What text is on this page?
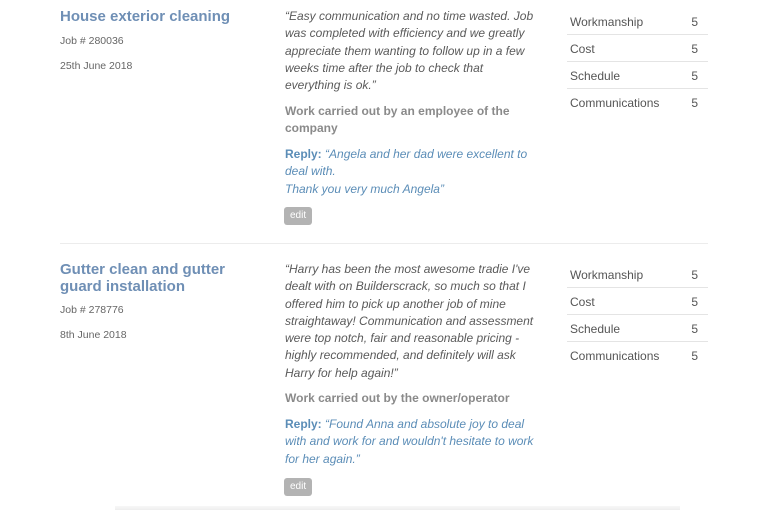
House exterior cleaning
Job # 280036
25th June 2018

“Easy communication and no time wasted. Job was completed with efficiency and we greatly appreciate them wanting to follow up in a few weeks time after the job to check that everything is ok.”

Work carried out by an employee of the company

Reply: “Angela and her dad were excellent to deal with.
Thank you very much Angela”

edit
Workmanship	5
Cost	5
Schedule	5
Communications	5
Gutter clean and gutter guard installation
Job # 278776
8th June 2018

“Harry has been the most awesome tradie I've dealt with on Builderscrack, so much so that I offered him to pick up another job of mine straightaway! Communication and assessment were top notch, fair and reasonable pricing - highly recommended, and definitely will ask Harry for help again!”

Work carried out by the owner/operator

Reply: “Found Anna and absolute joy to deal with and work for and wouldn't hesitate to work for her again.”

edit
Workmanship	5
Cost	5
Schedule	5
Communications	5
